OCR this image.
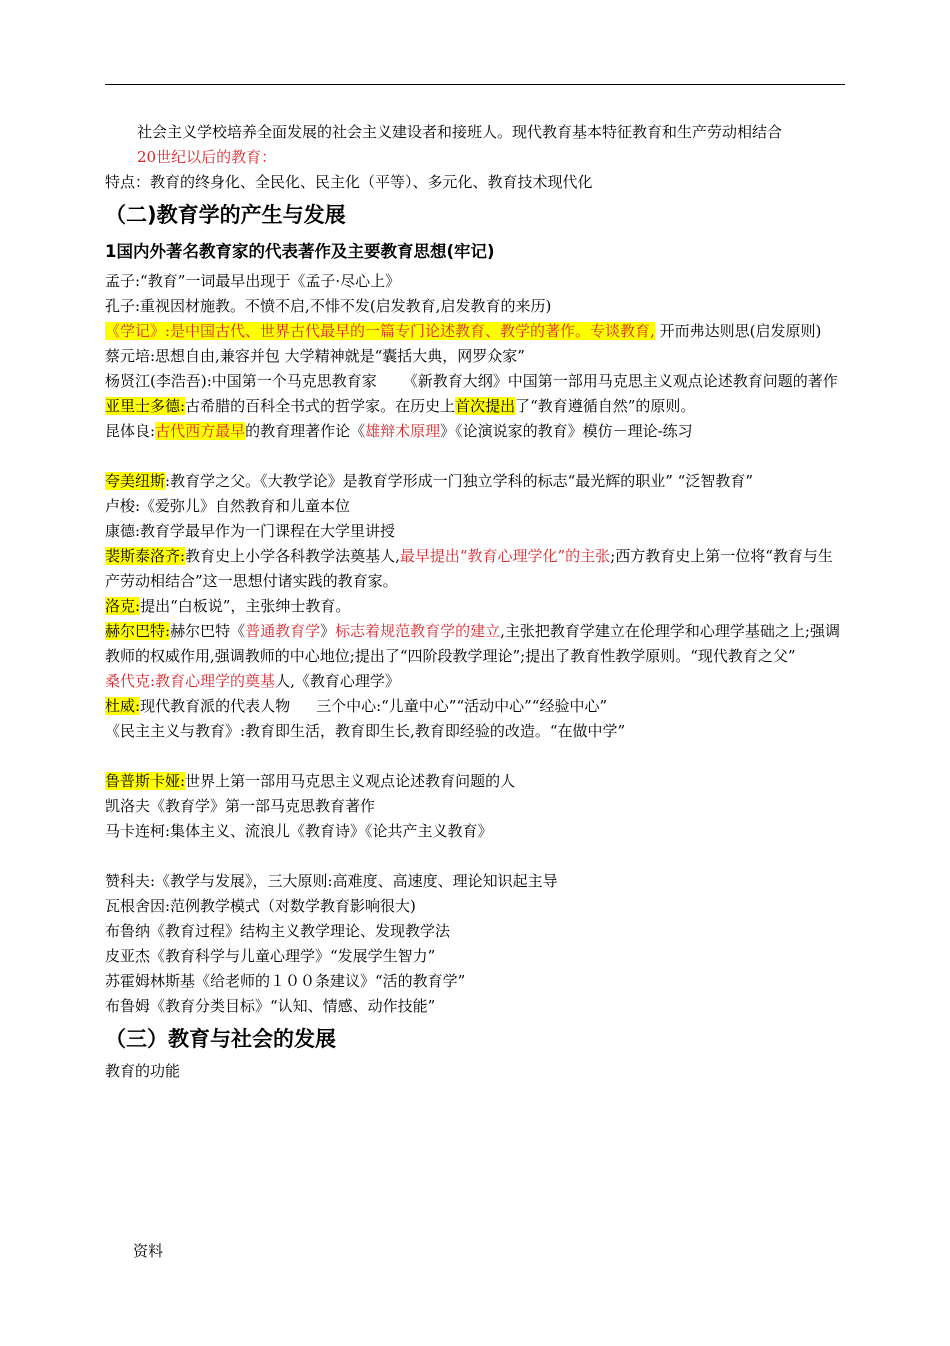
社会主义学校培养全面发展的社会主义建设者和接班人。现代教育基本特征教育和生产劳动相结合

20世纪以后的教育：

特点：教育的终身化、全民化、民主化（平等）、多元化、教育技术现代化

（二)教育学的产生与发展

1国内外著名教育家的代表著作及主要教育思想(牢记)

孟子:“教育”一词最早出现于《孟子·尽心上》

孔子:重视因材施教。不愤不启,不悱不发(启发教育,启发教育的来历)

《学记》:是中国古代、世界古代最早的一篇专门论述教育、教学的著作。专谈教育, 开而弗达则思(启发原则)

蔡元培:思想自由,兼容并包 大学精神就是“囊括大典，网罗众家”

杨贤江(李浩吾):中国第一个马克思教育家 《新教育大纲》中国第一部用马克思主义观点论述教育问题的著作

亚里士多德:古希腊的百科全书式的哲学家。在历史上首次提出了“教育遵循自然”的原则。

昆体良:古代西方最早的教育理著作论《雄辩术原理》《论演说家的教育》模仿－理论-练习

夸美纽斯:教育学之父。《大教学论》是教育学形成一门独立学科的标志“最光辉的职业” “泛智教育”

卢梭:《爱弥儿》自然教育和儿童本位

康德:教育学最早作为一门课程在大学里讲授

裴斯泰洛齐:教育史上小学各科教学法奠基人,最早提出“教育心理学化”的主张;西方教育史上第一位将“教育与生产劳动相结合”这一思想付诸实践的教育家。

洛克:提出“白板说”，主张绅士教育。

赫尔巴特:赫尔巴特《普通教育学》标志着规范教育学的建立,主张把教育学建立在伦理学和心理学基础之上;强调教师的权威作用,强调教师的中心地位;提出了“四阶段教学理论”;提出了教育性教学原则。“现代教育之父”

桑代克:教育心理学的奠基人,《教育心理学》

杜威:现代教育派的代表人物 三个中心:“儿童中心”“活动中心”“经验中心”

《民主主义与教育》:教育即生活，教育即生长,教育即经验的改造。“在做中学”

鲁普斯卡娅:世界上第一部用马克思主义观点论述教育问题的人

凯洛夫《教育学》第一部马克思教育著作

马卡连柯:集体主义、流浪儿《教育诗》《论共产主义教育》

赞科夫:《教学与发展》，三大原则:高难度、高速度、理论知识起主导

瓦根舍因:范例教学模式（对数学教育影响很大)

布鲁纳《教育过程》结构主义教学理论、发现教学法

皮亚杰《教育科学与儿童心理学》“发展学生智力”

苏霍姆林斯基《给老师的１００条建议》“活的教育学”

布鲁姆《教育分类目标》“认知、情感、动作技能”

（三）教育与社会的发展

教育的功能

资料
